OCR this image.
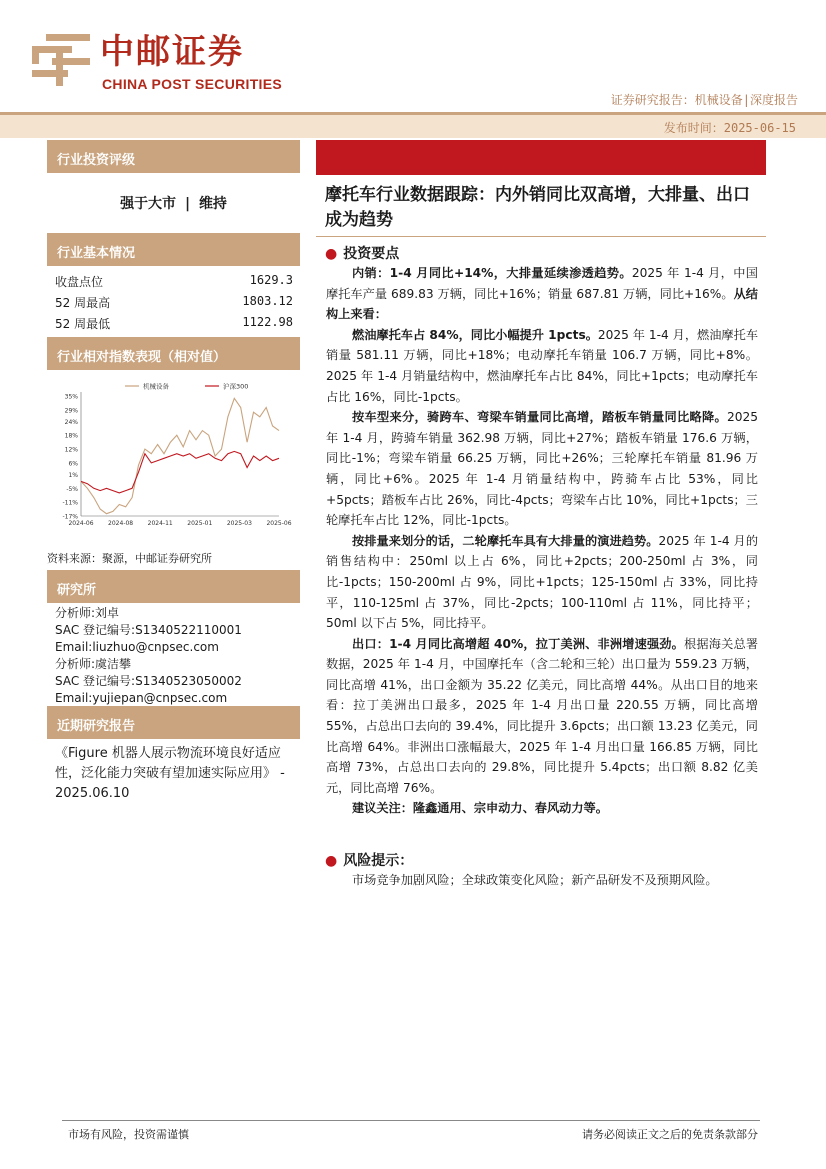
中邮证券
CHINA POST SECURITIES
证券研究报告：机械设备|深度报告
发布时间：2025-06-15
行业投资评级
强于大市 | 维持
行业基本情况
收盘点位	1629.3
52 周最高	1803.12
52 周最低	1122.98
行业相对指数表现（相对值）
35%
29%
24%
18%
12%
6%
1%
-5%
-11%
-17%
2024-06 2024-08 2024-11 2025-01 2025-03 2025-06
机械设备	沪深300
资料来源：聚源，中邮证券研究所
研究所
分析师:刘卓
SAC 登记编号:S1340522110001
Email:liuzhuo@cnpsec.com
分析师:虞洁攀
SAC 登记编号:S1340523050002
Email:yujiepan@cnpsec.com
近期研究报告
《Figure 机器人展示物流环境良好适应性，泛化能力突破有望加速实际应用》 - 2025.06.10
摩托车行业数据跟踪：内外销同比双高增，大排量、出口成为趋势
● 投资要点

内销：1-4 月同比+14%，大排量延续渗透趋势。2025 年 1-4 月，中国摩托车产量 689.83 万辆，同比+16%；销量 687.81 万辆，同比+16%。从结构上来看：

燃油摩托车占 84%，同比小幅提升 1pcts。2025 年 1-4 月，燃油摩托车销量 581.11 万辆，同比+18%；电动摩托车销量 106.7 万辆，同比+8%。2025 年 1-4 月销量结构中，燃油摩托车占比 84%，同比+1pcts；电动摩托车占比 16%，同比-1pcts。

按车型来分，骑跨车、弯梁车销量同比高增，踏板车销量同比略降。2025 年 1-4 月，跨骑车销量 362.98 万辆，同比+27%；踏板车销量 176.6 万辆，同比-1%；弯梁车销量 66.25 万辆，同比+26%；三轮摩托车销量 81.96 万辆，同比+6%。2025 年 1-4 月销量结构中，跨骑车占比 53%，同比+5pcts；踏板车占比 26%，同比-4pcts；弯梁车占比 10%，同比+1pcts；三轮摩托车占比 12%，同比-1pcts。

按排量来划分的话，二轮摩托车具有大排量的演进趋势。2025 年 1-4 月的销售结构中：250ml 以上占 6%，同比+2pcts；200-250ml 占 3%，同比-1pcts；150-200ml 占 9%，同比+1pcts；125-150ml 占 33%，同比持平，110-125ml 占 37%，同比-2pcts；100-110ml 占 11%，同比持平；50ml 以下占 5%，同比持平。

出口：1-4 月同比高增超 40%，拉丁美洲、非洲增速强劲。根据海关总署数据，2025 年 1-4 月，中国摩托车（含二轮和三轮）出口量为 559.23 万辆，同比高增 41%，出口金额为 35.22 亿美元，同比高增 44%。从出口目的地来看：拉丁美洲出口最多，2025 年 1-4 月出口量 220.55 万辆，同比高增 55%，占总出口去向的 39.4%，同比提升 3.6pcts；出口额 13.23 亿美元，同比高增 64%。非洲出口涨幅最大，2025 年 1-4 月出口量 166.85 万辆，同比高增 73%，占总出口去向的 29.8%，同比提升 5.4pcts；出口额 8.82 亿美元，同比高增 76%。

建议关注：隆鑫通用、宗申动力、春风动力等。

● 风险提示：

市场竞争加剧风险；全球政策变化风险；新产品研发不及预期风险。

市场有风险，投资需谨慎	请务必阅读正文之后的免责条款部分
